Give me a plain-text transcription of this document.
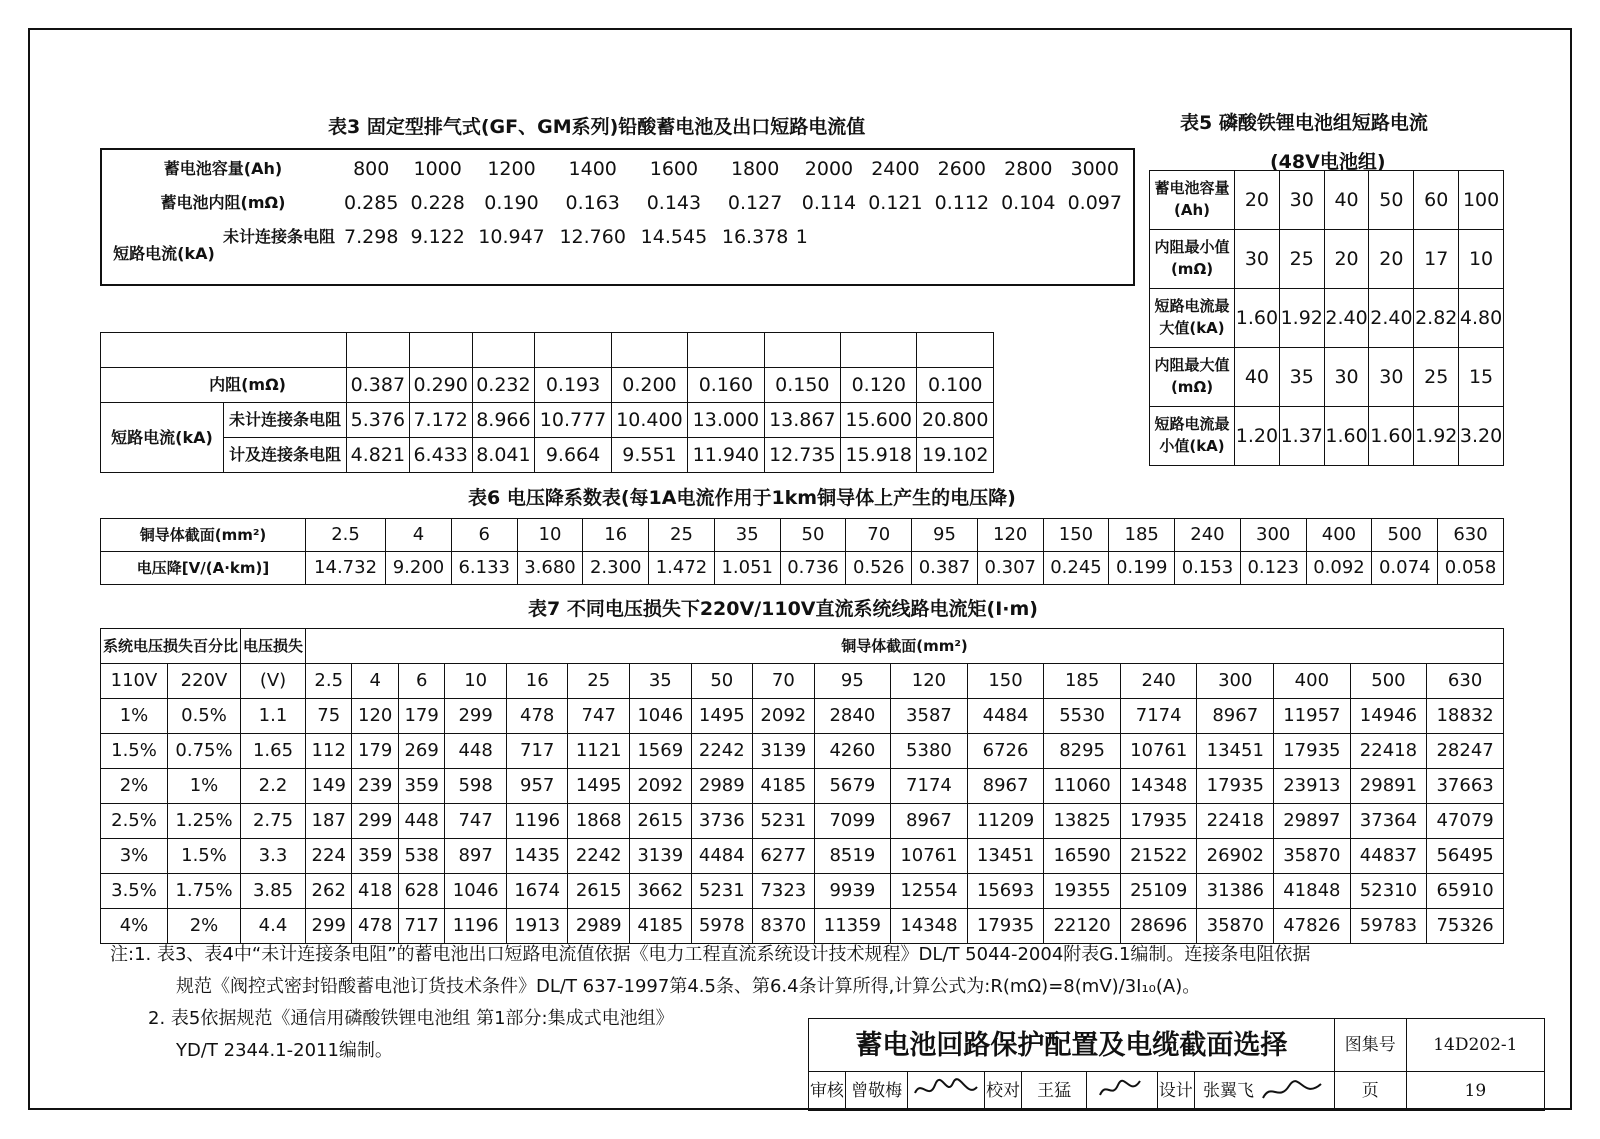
表3 固定型排气式(GF、GM系列)铅酸蓄电池及出口短路电流值
蓄电池容量(Ah)		800	1000	1200	1400	1600	1800	2000	2400	2600	2800	3000
蓄电池内阻(mΩ)		0.285	0.228	0.190	0.163	0.143	0.127	0.114	0.121	0.112	0.104	0.097
短路电流(kA)	未计连接条电阻	7.298	9.122	10.947	12.760	14.545	16.378	1				

内阻(mΩ)		0.387	0.290	0.232	0.193	0.200	0.160	0.150	0.120	0.100
短路电流(kA)	未计连接条电阻	5.376	7.172	8.966	10.777	10.400	13.000	13.867	15.600	20.800
	计及连接条电阻	4.821	6.433	8.041	9.664	9.551	11.940	12.735	15.918	19.102
表5 磷酸铁锂电池组短路电流
(48V电池组)
蓄电池容量(Ah)	20	30	40	50	60	100
内阻最小值(mΩ)	30	25	20	20	17	10
短路电流最大值(kA)	1.60	1.92	2.40	2.40	2.82	4.80
内阻最大值(mΩ)	40	35	30	30	25	15
短路电流最小值(kA)	1.20	1.37	1.60	1.60	1.92	3.20
表6 电压降系数表(每1A电流作用于1km铜导体上产生的电压降)
铜导体截面(mm²)	2.5	4	6	10	16	25	35	50	70	95	120	150	185	240	300	400	500	630
电压降[V/(A·km)]	14.732	9.200	6.133	3.680	2.300	1.472	1.051	0.736	0.526	0.387	0.307	0.245	0.199	0.153	0.123	0.092	0.074	0.058
表7 不同电压损失下220V/110V直流系统线路电流矩(I·m)
系统电压损失百分比		电压损失	铜导体截面(mm²)																	
110V	220V	(V)	2.5	4	6	10	16	25	35	50	70	95	120	150	185	240	300	400	500	630
1%	0.5%	1.1	75	120	179	299	478	747	1046	1495	2092	2840	3587	4484	5530	7174	8967	11957	14946	18832
1.5%	0.75%	1.65	112	179	269	448	717	1121	1569	2242	3139	4260	5380	6726	8295	10761	13451	17935	22418	28247
2%	1%	2.2	149	239	359	598	957	1495	2092	2989	4185	5679	7174	8967	11060	14348	17935	23913	29891	37663
2.5%	1.25%	2.75	187	299	448	747	1196	1868	2615	3736	5231	7099	8967	11209	13825	17935	22418	29897	37364	47079
3%	1.5%	3.3	224	359	538	897	1435	2242	3139	4484	6277	8519	10761	13451	16590	21522	26902	35870	44837	56495
3.5%	1.75%	3.85	262	418	628	1046	1674	2615	3662	5231	7323	9939	12554	15693	19355	25109	31386	41848	52310	65910
4%	2%	4.4	299	478	717	1196	1913	2989	4185	5978	8370	11359	14348	17935	22120	28696	35870	47826	59783	75326
注:1. 表3、表4中“未计连接条电阻”的蓄电池出口短路电流值依据《电力工程直流系统设计技术规程》DL/T 5044-2004附表G.1编制。连接条电阻依据
规范《阀控式密封铅酸蓄电池订货技术条件》DL/T 637-1997第4.5条、第6.4条计算所得,计算公式为:R(mΩ)=8(mV)/3I₁₀(A)。
2. 表5依据规范《通信用磷酸铁锂电池组 第1部分:集成式电池组》
YD/T 2344.1-2011编制。	蓄电池回路保护配置及电缆截面选择								图集号	14D202-1
审核	曾敬梅		校对	王猛		设计	张翼飞	页	19
